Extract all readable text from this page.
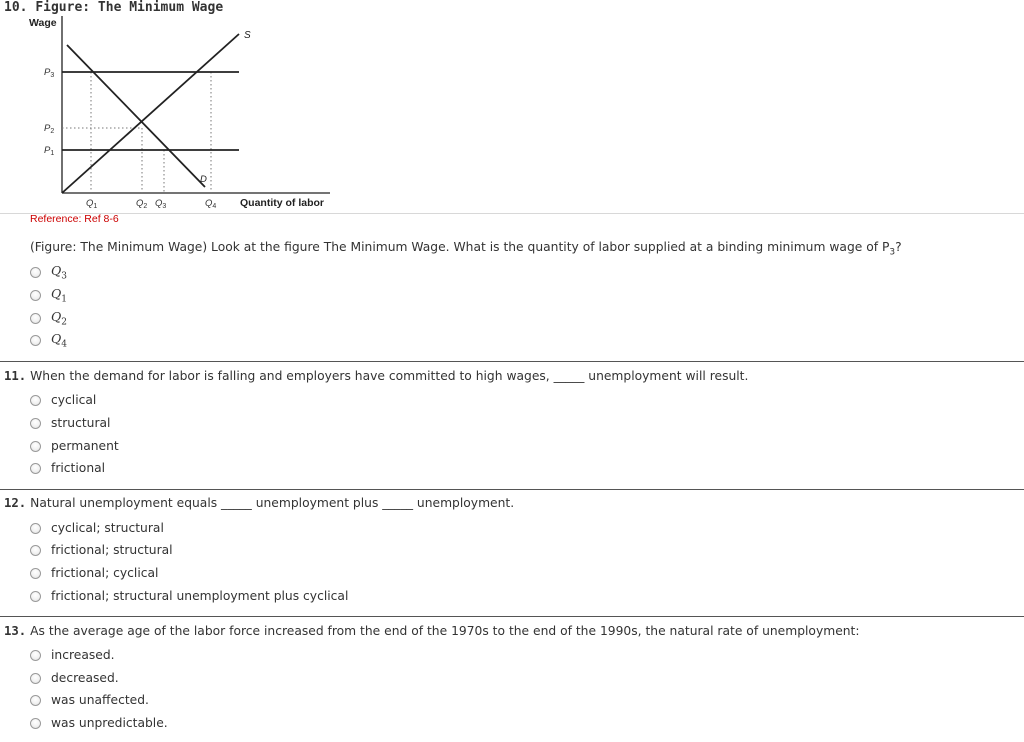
10. Figure: The Minimum Wage
Wage
Quantity of labor
S
D
$P_3$
$P_2$
$P_1$
$Q_1$	$Q_2$ $Q_3$	$Q_4$
Reference: Ref 8-6
(Figure: The Minimum Wage) Look at the figure The Minimum Wage. What is the quantity of labor supplied at a binding minimum wage of $P_3$?
$Q_3$
$Q_1$
$Q_2$
$Q_4$
11. When the demand for labor is falling and employers have committed to high wages, _____ unemployment will result.
cyclical
structural
permanent
frictional
12. Natural unemployment equals _____ unemployment plus _____ unemployment.
cyclical; structural
frictional; structural
frictional; cyclical
frictional; structural unemployment plus cyclical
13. As the average age of the labor force increased from the end of the 1970s to the end of the 1990s, the natural rate of unemployment:
increased.
decreased.
was unaffected.
was unpredictable.
